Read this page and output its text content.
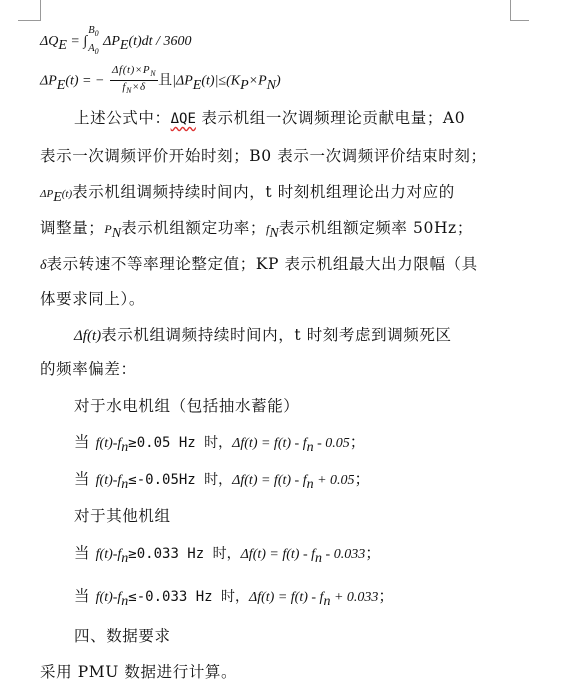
$\Delta Q_E$ = ∫
$B_0$
$A_0$
$\Delta P_E(t)dt / 3600$
$\Delta P_E(t)$ = − $\frac{\Delta f(t)\times P_N}{f_N\times\delta}$ 且$|\Delta P_E(t)|\le(K_P\times P_N)$
上述公式中：ΔQE 表示机组一次调频理论贡献电量；A0
表示一次调频评价开始时刻；B0 表示一次调频评价结束时刻；
$\Delta P_E(t)$表示机组调频持续时间内，t 时刻机组理论出力对应的
调整量；$P_N$表示机组额定功率；$f_N$表示机组额定频率 50Hz；
δ表示转速不等率理论整定值；KP 表示机组最大出力限幅（具
体要求同上）。
Δf(t)表示机组调频持续时间内，t 时刻考虑到调频死区
的频率偏差：
对于水电机组（包括抽水蓄能）
当 $f(t)-f_n\ge 0.05$ Hz 时，$\Delta f(t) = f(t) - f_n - 0.05$；
当 $f(t)-f_n\le-0.05Hz$ 时，$\Delta f(t) = f(t) - f_n + 0.05$；
对于其他机组
当 $f(t)-f_n\ge 0.033$ Hz 时，$\Delta f(t) = f(t) - f_n - 0.033$；
当 $f(t)-f_n\le-0.033$ Hz 时，$\Delta f(t) = f(t) - f_n + 0.033$；
四、数据要求
采用 PMU 数据进行计算。
